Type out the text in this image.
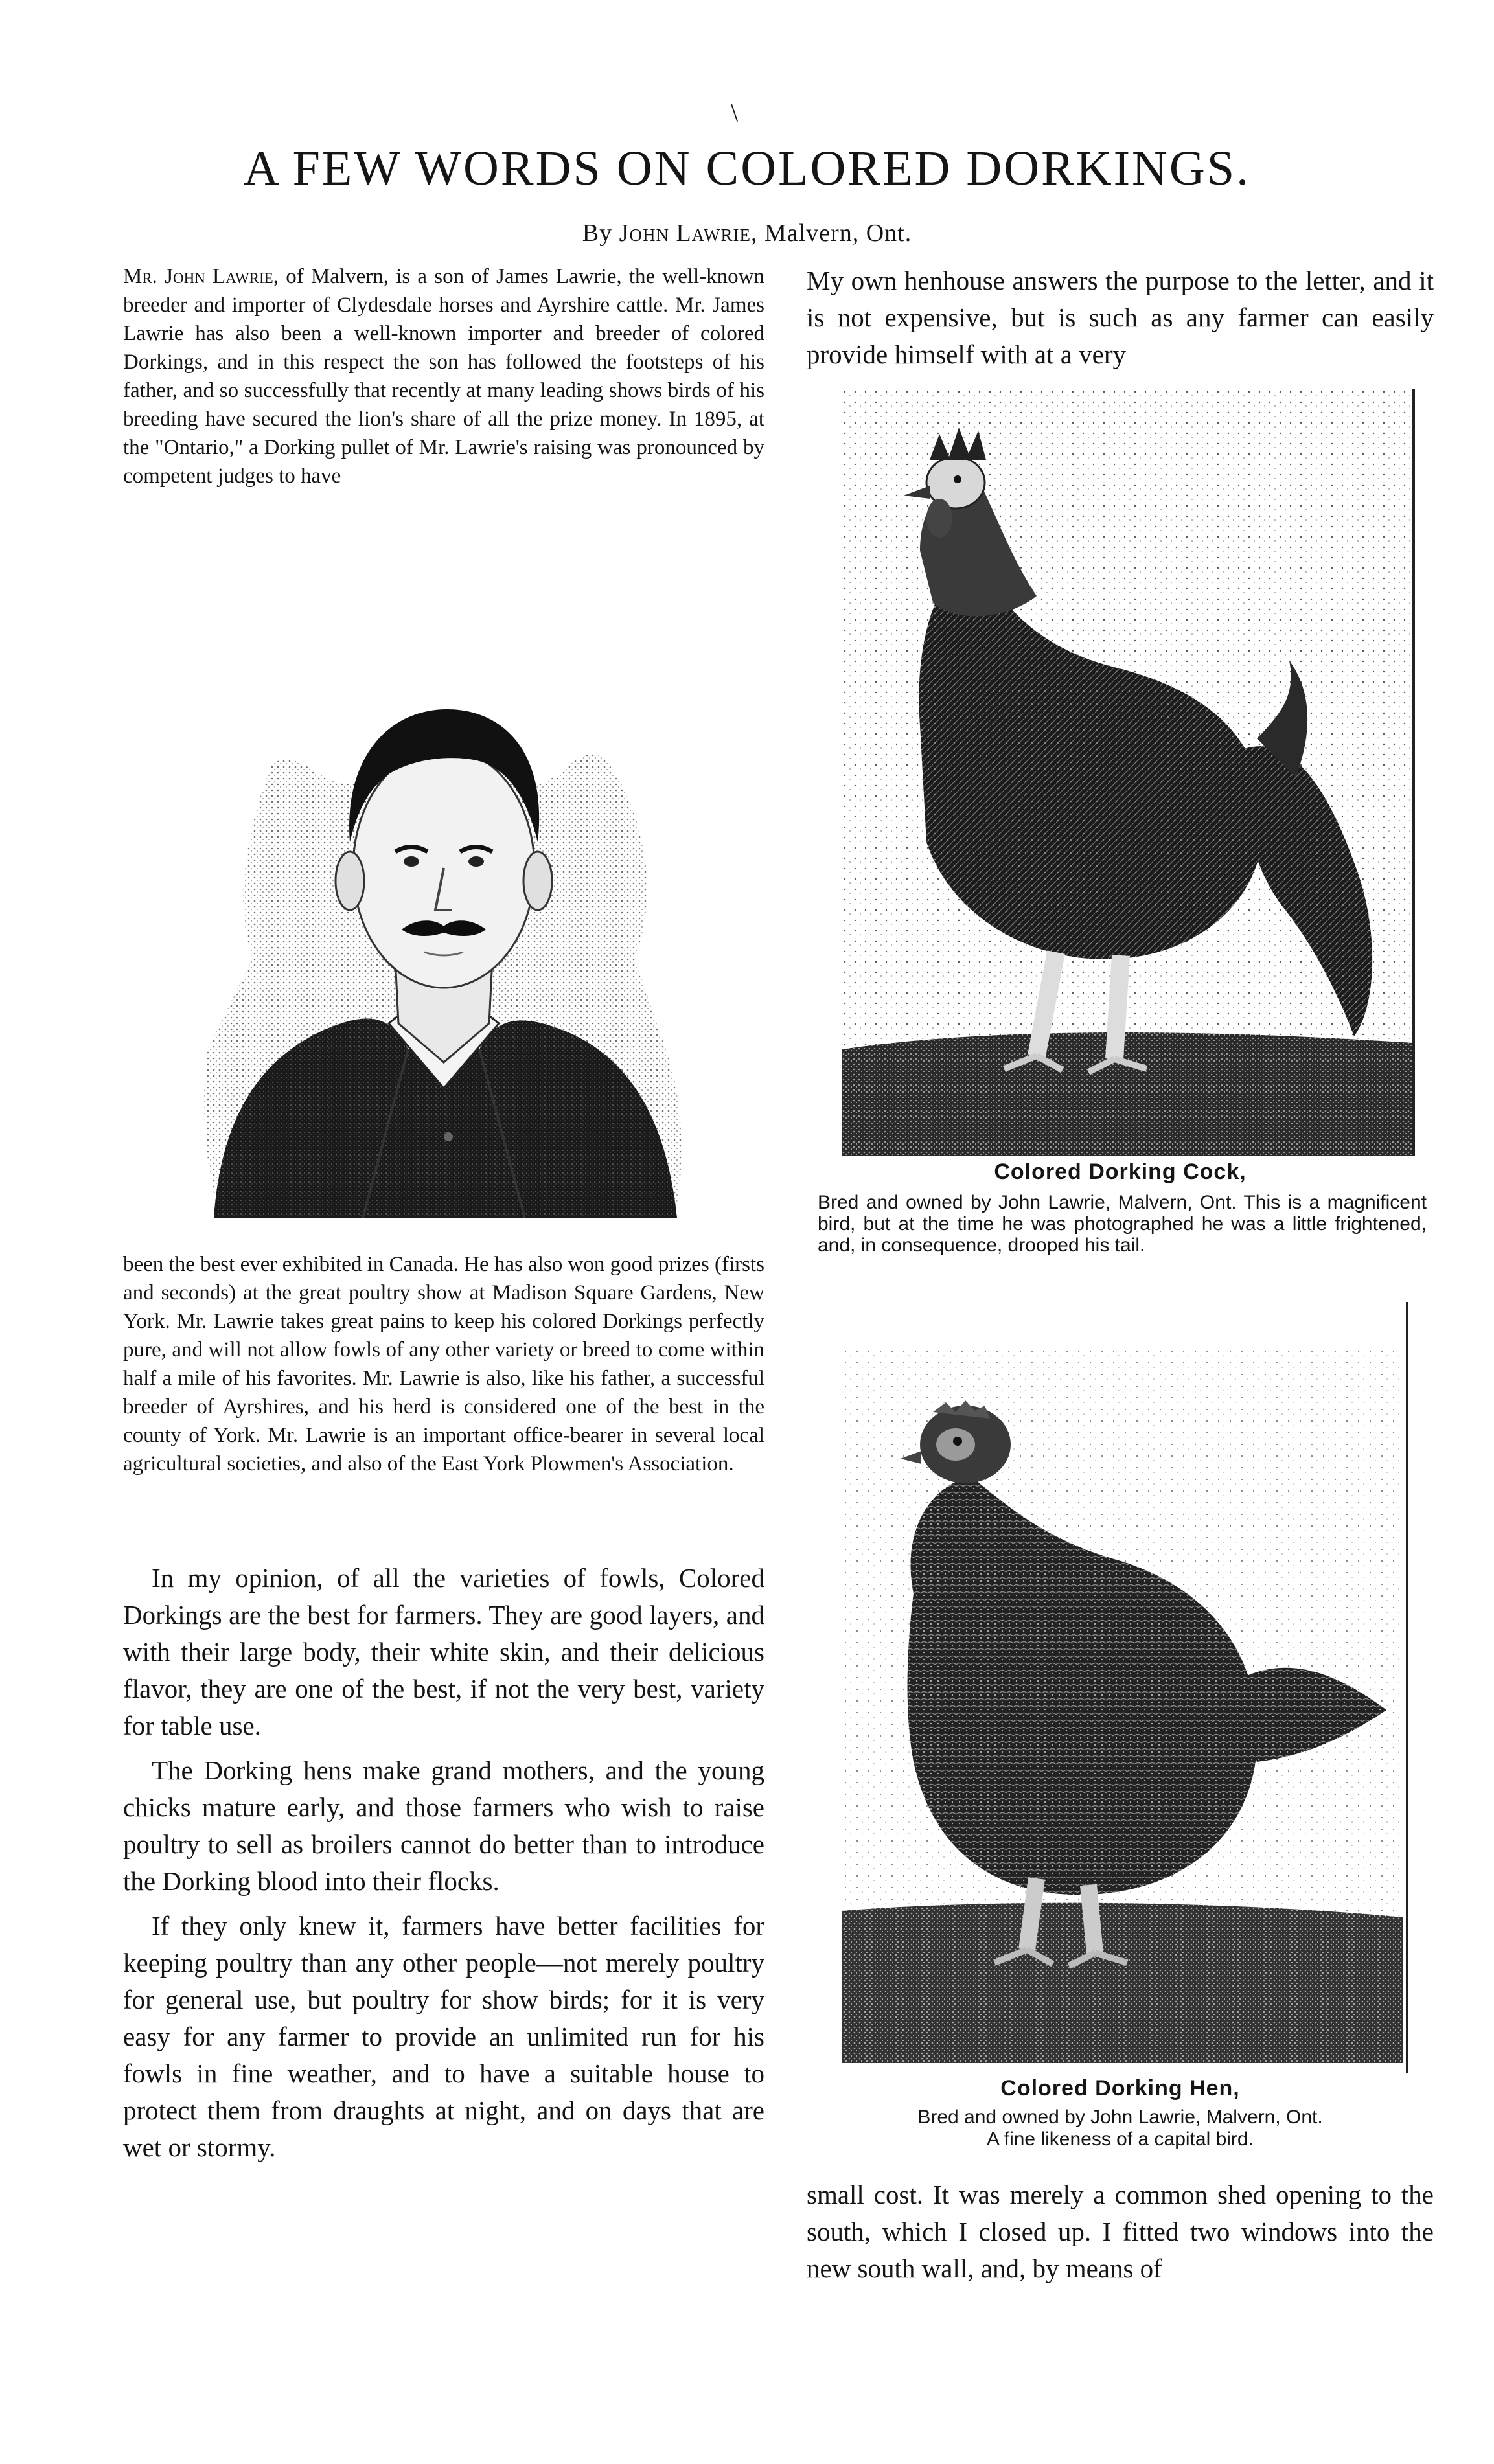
\
A FEW WORDS ON COLORED DORKINGS.
By John Lawrie, Malvern, Ont.

Mr. John Lawrie, of Malvern, is a son of James Lawrie, the well-known breeder and importer of Clydesdale horses and Ayrshire cattle. Mr. James Lawrie has also been a well-known importer and breeder of colored Dorkings, and in this respect the son has followed the footsteps of his father, and so successfully that recently at many leading shows birds of his breeding have secured the lion's share of all the prize money. In 1895, at the "Ontario," a Dorking pullet of Mr. Lawrie's raising was pronounced by competent judges to have

been the best ever exhibited in Canada. He has also won good prizes (firsts and seconds) at the great poultry show at Madison Square Gardens, New York. Mr. Lawrie takes great pains to keep his colored Dorkings perfectly pure, and will not allow fowls of any other variety or breed to come within half a mile of his favorites. Mr. Lawrie is also, like his father, a successful breeder of Ayrshires, and his herd is considered one of the best in the county of York. Mr. Lawrie is an important office-bearer in several local agricultural societies, and also of the East York Plowmen's Association.

In my opinion, of all the varieties of fowls, Colored Dorkings are the best for farmers. They are good layers, and with their large body, their white skin, and their delicious flavor, they are one of the best, if not the very best, variety for table use.

The Dorking hens make grand mothers, and the young chicks mature early, and those farmers who wish to raise poultry to sell as broilers cannot do better than to introduce the Dorking blood into their flocks.

If they only knew it, farmers have better facilities for keeping poultry than any other people—not merely poultry for general use, but poultry for show birds; for it is very easy for any farmer to provide an unlimited run for his fowls in fine weather, and to have a suitable house to protect them from draughts at night, and on days that are wet or stormy.

My own henhouse answers the purpose to the letter, and it is not expensive, but is such as any farmer can easily provide himself with at a very

Colored Dorking Cock,
Bred and owned by John Lawrie, Malvern, Ont. This is a magnificent bird, but at the time he was photographed he was a little frightened, and, in consequence, drooped his tail.
Colored Dorking Hen,
Bred and owned by John Lawrie, Malvern, Ont.
A fine likeness of a capital bird.

small cost. It was merely a common shed opening to the south, which I closed up. I fitted two windows into the new south wall, and, by means of
